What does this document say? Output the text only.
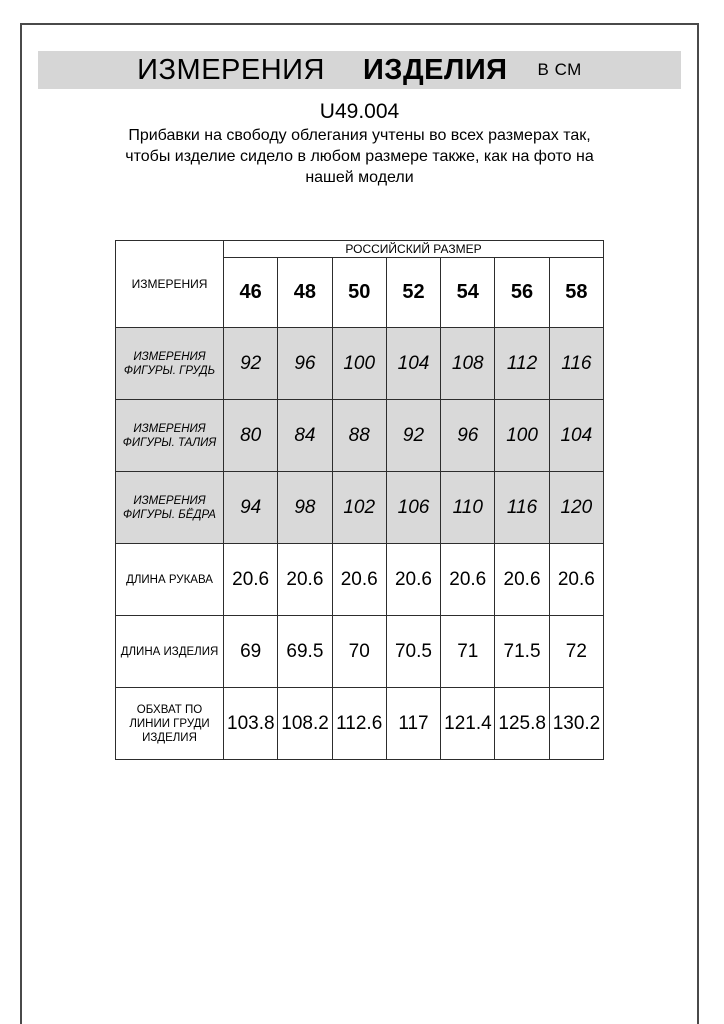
ИЗМЕРЕНИЯ ИЗДЕЛИЯ В СМ
U49.004
Прибавки на свободу облегания учтены во всех размерах так,
чтобы изделие сидело в любом размере также, как на фото на
нашей модели
ИЗМЕРЕНИЯ	РОССИЙСКИЙ РАЗМЕР						
	46	48	50	52	54	56	58
ИЗМЕРЕНИЯ ФИГУРЫ. ГРУДЬ	92	96	100	104	108	112	116
ИЗМЕРЕНИЯ ФИГУРЫ. ТАЛИЯ	80	84	88	92	96	100	104
ИЗМЕРЕНИЯ ФИГУРЫ. БЁДРА	94	98	102	106	110	116	120
ДЛИНА РУКАВА	20.6	20.6	20.6	20.6	20.6	20.6	20.6
ДЛИНА ИЗДЕЛИЯ	69	69.5	70	70.5	71	71.5	72
ОБХВАТ ПО ЛИНИИ ГРУДИ ИЗДЕЛИЯ	103.8	108.2	112.6	117	121.4	125.8	130.2
